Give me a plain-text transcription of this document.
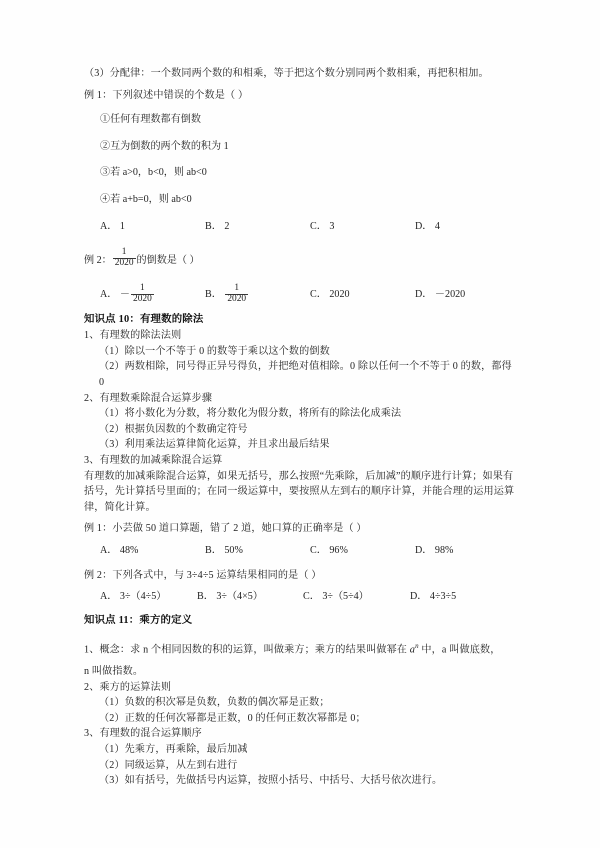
（3）分配律：一个数同两个数的和相乘，等于把这个数分别同两个数相乘，再把积相加。
例 1：下列叙述中错误的个数是（ ）
①任何有理数都有倒数
②互为倒数的两个数的积为 1
③若 a>0，b<0，则 ab<0
④若 a+b=0，则 ab<0
A． 1	B． 2	C． 3	D． 4
例 2： $\frac{1}{2020}$ 的倒数是（ ）
A．
－ $\frac{1}{2020}$	B．
$\frac{1}{2020}$	C． 2020	D． －2020
知识点 10：有理数的除法
1、有理数的除法法则
（1）除以一个不等于 0 的数等于乘以这个数的倒数
（2）两数相除，同号得正异号得负，并把绝对值相除。0 除以任何一个不等于 0 的数，都得 0
2、有理数乘除混合运算步骤
（1）将小数化为分数，将分数化为假分数，将所有的除法化成乘法
（2）根据负因数的个数确定符号
（3）利用乘法运算律简化运算，并且求出最后结果
3、有理数的加减乘除混合运算
有理数的加减乘除混合运算，如果无括号，那么按照“先乘除，后加减”的顺序进行计算；如果有括号，先计算括号里面的；在同一级运算中，要按照从左到右的顺序计算，并能合理的运用运算律，简化计算。
例 1：小芸做 50 道口算题，错了 2 道，她口算的正确率是（ ）
A． 48%	B． 50%	C． 96%	D． 98%
例 2：下列各式中，与 3÷4÷5 运算结果相同的是（ ）
A． 3÷（4÷5）	B． 3÷（4×5）	C． 3÷（5÷4）	D． 4÷3÷5
知识点 11：乘方的定义
1、概念：求 n 个相同因数的积的运算，叫做乘方；乘方的结果叫做幂在 $a^n$ 中，a 叫做底数，
n 叫做指数。
2、乘方的运算法则
（1）负数的积次幂是负数，负数的偶次幂是正数；
（2）正数的任何次幂都是正数，0 的任何正数次幂都是 0；
3、有理数的混合运算顺序
（1）先乘方，再乘除，最后加减
（2）同级运算，从左到右进行
（3）如有括号，先做括号内运算，按照小括号、中括号、大括号依次进行。
